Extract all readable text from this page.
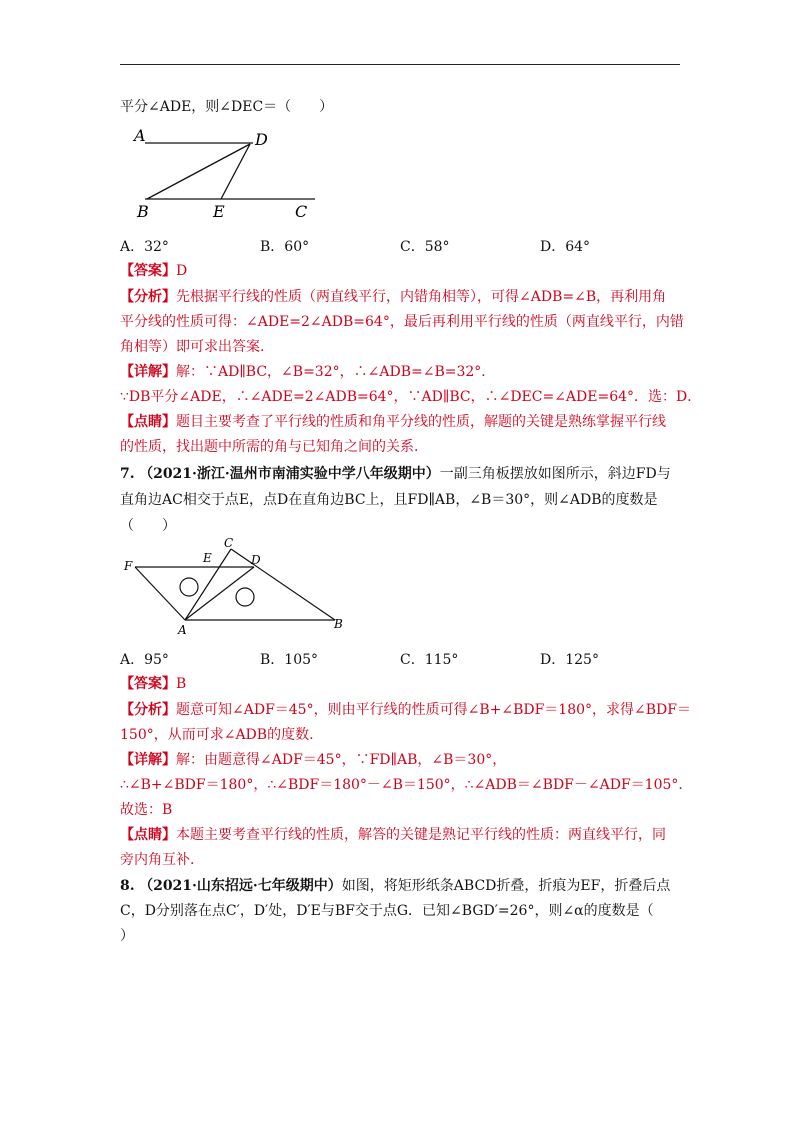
平分∠ADE，则∠DEC＝（　　）
A	D
B	E	C
A．32°	B．60°	C．58°	D．64°
【答案】D
【分析】先根据平行线的性质（两直线平行，内错角相等），可得∠ADB=∠B，再利用角
平分线的性质可得：∠ADE=2∠ADB=64°，最后再利用平行线的性质（两直线平行，内错
角相等）即可求出答案.
【详解】解：∵AD∥BC，∠B=32°，∴∠ADB=∠B=32°．
∵DB平分∠ADE，∴∠ADE=2∠ADB=64°，∵AD∥BC，∴∠DEC=∠ADE=64°．选：D．
【点睛】题目主要考查了平行线的性质和角平分线的性质，解题的关键是熟练掌握平行线
的性质，找出题中所需的角与已知角之间的关系.
7. （2021·浙江·温州市南浦实验中学八年级期中）一副三角板摆放如图所示，斜边FD与
直角边AC相交于点E，点D在直角边BC上，且FD∥AB，∠B＝30°，则∠ADB的度数是
（　　）
F
E
C
D
A	B
A．95°	B．105°	C．115°	D．125°
【答案】B
【分析】题意可知∠ADF＝45°，则由平行线的性质可得∠B+∠BDF＝180°，求得∠BDF＝
150°，从而可求∠ADB的度数.
【详解】解：由题意得∠ADF＝45°，∵FD∥AB，∠B＝30°，
∴∠B+∠BDF＝180°，∴∠BDF＝180°－∠B＝150°，∴∠ADB＝∠BDF－∠ADF＝105°．
故选：B
【点睛】本题主要考查平行线的性质，解答的关键是熟记平行线的性质：两直线平行，同
旁内角互补.
8. （2021·山东招远·七年级期中）如图，将矩形纸条ABCD折叠，折痕为EF，折叠后点
C，D分别落在点C′，D′处，D′E与BF交于点G．已知∠BGD′=26°，则∠α的度数是（
）
